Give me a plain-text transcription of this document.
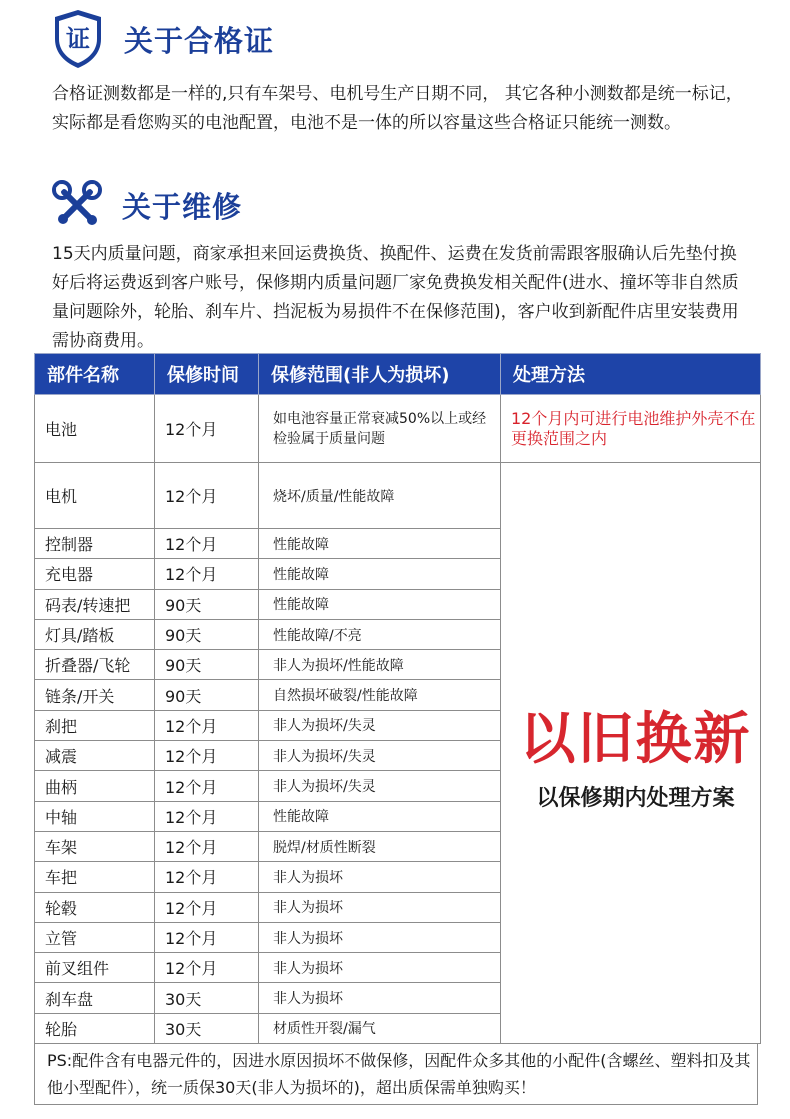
证 关于合格证

合格证测数都是一样的,只有车架号、电机号生产日期不同， 其它各种小测数都是统一标记，实际都是看您购买的电池配置，电池不是一体的所以容量这些合格证只能统一测数。

关于维修

15天内质量问题，商家承担来回运费换货、换配件、运费在发货前需跟客服确认后先垫付换好后将运费返到客户账号，保修期内质量问题厂家免费换发相关配件(进水、撞坏等非自然质量问题除外，轮胎、刹车片、挡泥板为易损件不在保修范围)，客户收到新配件店里安装费用需协商费用。

部件名称	保修时间	保修范围(非人为损坏)	处理方法
电池	12个月	如电池容量正常衰减50%以上或经检验属于质量问题	12个月内可进行电池维护外壳不在更换范围之内
电机	12个月	烧坏/质量/性能故障	以旧换新
以保修期内处理方案

控制器	12个月	性能故障	
充电器	12个月	性能故障	
码表/转速把	90天	性能故障	
灯具/踏板	90天	性能故障/不亮	
折叠器/飞轮	90天	非人为损坏/性能故障	
链条/开关	90天	自然损坏破裂/性能故障	
刹把	12个月	非人为损坏/失灵	
减震	12个月	非人为损坏/失灵	
曲柄	12个月	非人为损坏/失灵	
中轴	12个月	性能故障	
车架	12个月	脱焊/材质性断裂	
车把	12个月	非人为损坏	
轮毂	12个月	非人为损坏	
立管	12个月	非人为损坏	
前叉组件	12个月	非人为损坏	
刹车盘	30天	非人为损坏	
轮胎	30天	材质性开裂/漏气	
PS:配件含有电器元件的，因进水原因损坏不做保修，因配件众多其他的小配件(含螺丝、塑料扣及其他小型配件），统一质保30天(非人为损坏的)，超出质保需单独购买！
